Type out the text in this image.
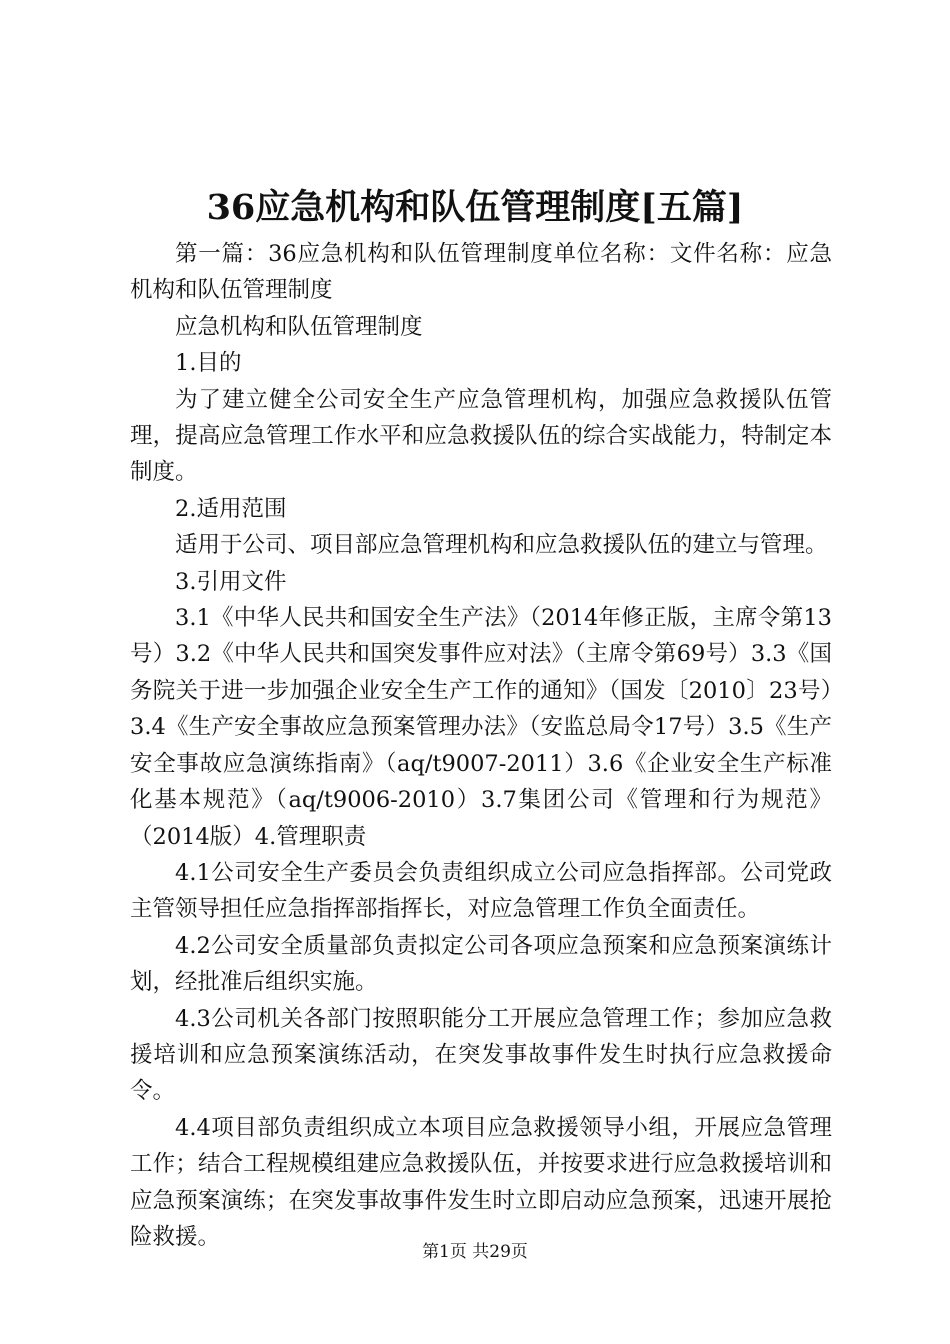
36应急机构和队伍管理制度[五篇]

第一篇：36应急机构和队伍管理制度单位名称：文件名称：应急机构和队伍管理制度

应急机构和队伍管理制度

1.目的

为了建立健全公司安全生产应急管理机构，加强应急救援队伍管理，提高应急管理工作水平和应急救援队伍的综合实战能力，特制定本制度。

2.适用范围

适用于公司、项目部应急管理机构和应急救援队伍的建立与管理。

3.引用文件

3.1《中华人民共和国安全生产法》（2014年修正版，主席令第13号）3.2《中华人民共和国突发事件应对法》（主席令第69号）3.3《国务院关于进一步加强企业安全生产工作的通知》（国发〔2010〕23号）3.4《生产安全事故应急预案管理办法》（安监总局令17号）3.5《生产安全事故应急演练指南》（aq/t9007-2011）3.6《企业安全生产标准化基本规范》（aq/t9006-2010）3.7集团公司《管理和行为规范》（2014版）4.管理职责

4.1公司安全生产委员会负责组织成立公司应急指挥部。公司党政主管领导担任应急指挥部指挥长，对应急管理工作负全面责任。

4.2公司安全质量部负责拟定公司各项应急预案和应急预案演练计划，经批准后组织实施。

4.3公司机关各部门按照职能分工开展应急管理工作；参加应急救援培训和应急预案演练活动，在突发事故事件发生时执行应急救援命令。

4.4项目部负责组织成立本项目应急救援领导小组，开展应急管理工作；结合工程规模组建应急救援队伍，并按要求进行应急救援培训和应急预案演练；在突发事故事件发生时立即启动应急预案，迅速开展抢险救援。

第1页 共29页
